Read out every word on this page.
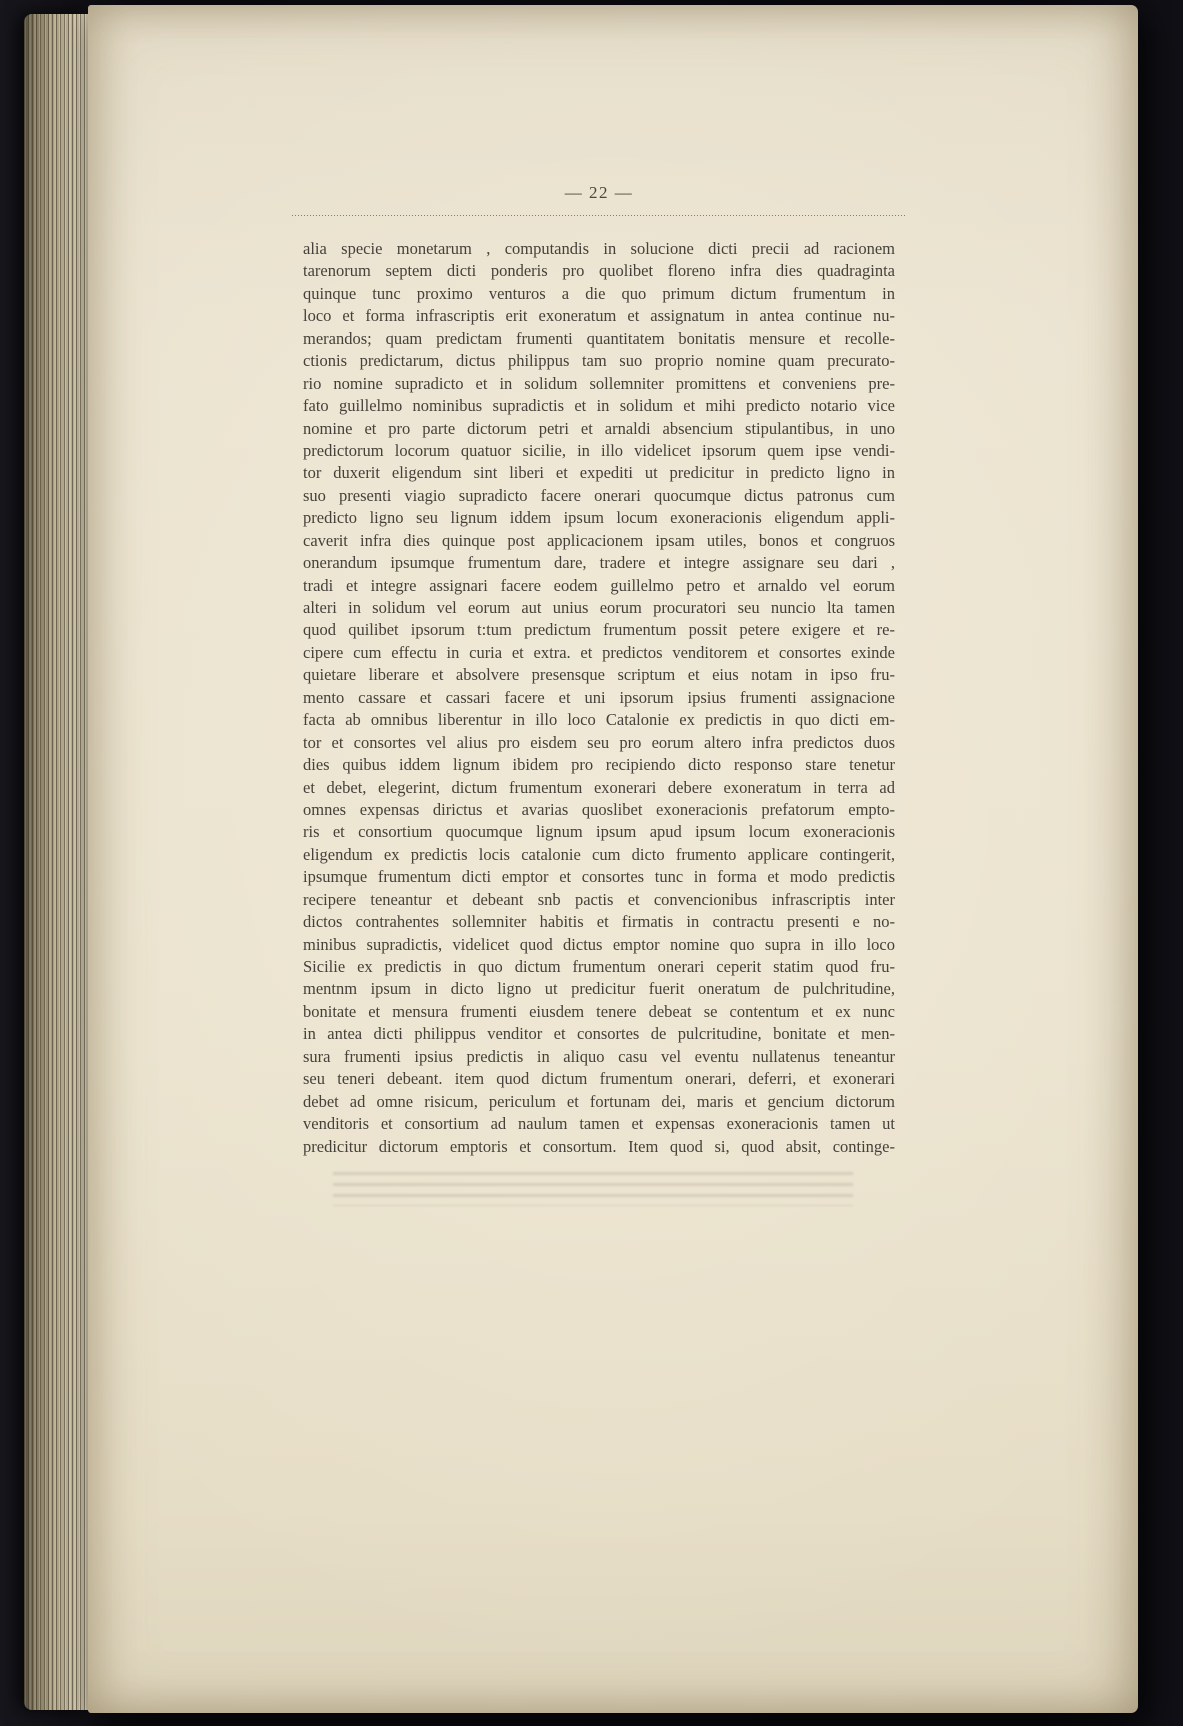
— 22 —
alia specie monetarum , computandis in solucione dicti precii ad racionem
tarenorum septem dicti ponderis pro quolibet floreno infra dies quadraginta
quinque tunc proximo venturos a die quo primum dictum frumentum in
loco et forma infrascriptis erit exoneratum et assignatum in antea continue nu-
merandos; quam predictam frumenti quantitatem bonitatis mensure et recolle-
ctionis predictarum, dictus philippus tam suo proprio nomine quam precurato-
rio nomine supradicto et in solidum sollemniter promittens et conveniens pre-
fato guillelmo nominibus supradictis et in solidum et mihi predicto notario vice
nomine et pro parte dictorum petri et arnaldi absencium stipulantibus, in uno
predictorum locorum quatuor sicilie, in illo videlicet ipsorum quem ipse vendi-
tor duxerit eligendum sint liberi et expediti ut predicitur in predicto ligno in
suo presenti viagio supradicto facere onerari quocumque dictus patronus cum
predicto ligno seu lignum iddem ipsum locum exoneracionis eligendum appli-
caverit infra dies quinque post applicacionem ipsam utiles, bonos et congruos
onerandum ipsumque frumentum dare, tradere et integre assignare seu dari ,
tradi et integre assignari facere eodem guillelmo petro et arnaldo vel eorum
alteri in solidum vel eorum aut unius eorum procuratori seu nuncio lta tamen
quod quilibet ipsorum t:tum predictum frumentum possit petere exigere et re-
cipere cum effectu in curia et extra. et predictos venditorem et consortes exinde
quietare liberare et absolvere presensque scriptum et eius notam in ipso fru-
mento cassare et cassari facere et uni ipsorum ipsius frumenti assignacione
facta ab omnibus liberentur in illo loco Catalonie ex predictis in quo dicti em-
tor et consortes vel alius pro eisdem seu pro eorum altero infra predictos duos
dies quibus iddem lignum ibidem pro recipiendo dicto responso stare tenetur
et debet, elegerint, dictum frumentum exonerari debere exoneratum in terra ad
omnes expensas dirictus et avarias quoslibet exoneracionis prefatorum empto-
ris et consortium quocumque lignum ipsum apud ipsum locum exoneracionis
eligendum ex predictis locis catalonie cum dicto frumento applicare contingerit,
ipsumque frumentum dicti emptor et consortes tunc in forma et modo predictis
recipere teneantur et debeant snb pactis et convencionibus infrascriptis inter
dictos contrahentes sollemniter habitis et firmatis in contractu presenti e no-
minibus supradictis, videlicet quod dictus emptor nomine quo supra in illo loco
Sicilie ex predictis in quo dictum frumentum onerari ceperit statim quod fru-
mentnm ipsum in dicto ligno ut predicitur fuerit oneratum de pulchritudine,
bonitate et mensura frumenti eiusdem tenere debeat se contentum et ex nunc
in antea dicti philippus venditor et consortes de pulcritudine, bonitate et men-
sura frumenti ipsius predictis in aliquo casu vel eventu nullatenus teneantur
seu teneri debeant. item quod dictum frumentum onerari, deferri, et exonerari
debet ad omne risicum, periculum et fortunam dei, maris et gencium dictorum
venditoris et consortium ad naulum tamen et expensas exoneracionis tamen ut
predicitur dictorum emptoris et consortum. Item quod si, quod absit, continge-
